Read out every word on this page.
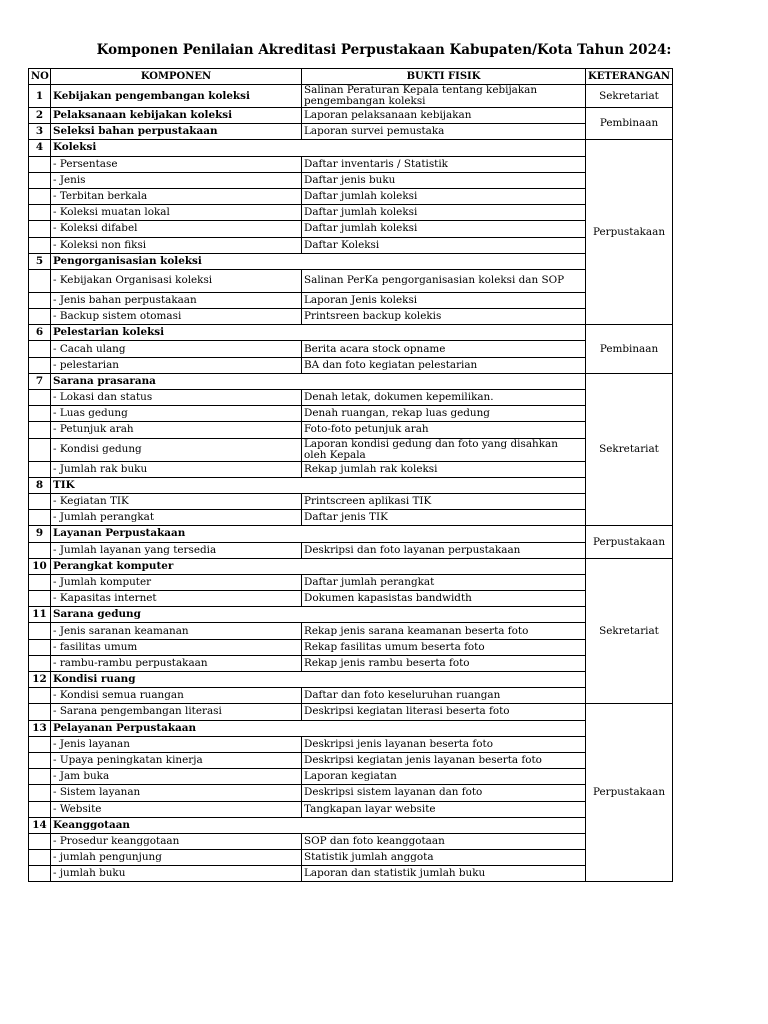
Komponen Penilaian Akreditasi Perpustakaan Kabupaten/Kota Tahun 2024:
NO	KOMPONEN	BUKTI FISIK	KETERANGAN
1	Kebijakan pengembangan koleksi	Salinan Peraturan Kepala tentang kebijakan pengembangan koleksi	Sekretariat
2	Pelaksanaan kebijakan koleksi	Laporan pelaksanaan kebijakan	Pembinaan
3	Seleksi bahan perpustakaan	Laporan survei pemustaka	
4	Koleksi		Perpustakaan
	- Persentase	Daftar inventaris / Statistik	
	- Jenis	Daftar jenis buku	
	- Terbitan berkala	Daftar jumlah koleksi	
	- Koleksi muatan lokal	Daftar jumlah koleksi	
	- Koleksi difabel	Daftar jumlah koleksi	
	- Koleksi non fiksi	Daftar Koleksi	
5	Pengorganisasian koleksi		
	- Kebijakan Organisasi koleksi	Salinan PerKa pengorganisasian koleksi dan SOP	
	- Jenis bahan perpustakaan	Laporan Jenis koleksi	
	- Backup sistem otomasi	Printsreen backup kolekis	
6	Pelestarian koleksi		Pembinaan
	- Cacah ulang	Berita acara stock opname	
	- pelestarian	BA dan foto kegiatan pelestarian	
7	Sarana prasarana		Sekretariat
	- Lokasi dan status	Denah letak, dokumen kepemilikan.	
	- Luas gedung	Denah ruangan, rekap luas gedung	
	- Petunjuk arah	Foto-foto petunjuk arah	
	- Kondisi gedung	Laporan kondisi gedung dan foto yang disahkan oleh Kepala	
	- Jumlah rak buku	Rekap jumlah rak koleksi	
8	TIK		
	- Kegiatan TIK	Printscreen aplikasi TIK	
	- Jumlah perangkat	Daftar jenis TIK	
9	Layanan Perpustakaan		Perpustakaan
	- Jumlah layanan yang tersedia	Deskripsi dan foto layanan perpustakaan	
10	Perangkat komputer		Sekretariat
	- Jumlah komputer	Daftar jumlah perangkat	
	- Kapasitas internet	Dokumen kapasistas bandwidth	
11	Sarana gedung		
	- Jenis saranan keamanan	Rekap jenis sarana keamanan beserta foto	
	- fasilitas umum	Rekap fasilitas umum beserta foto	
	- rambu-rambu perpustakaan	Rekap jenis rambu beserta foto	
12	Kondisi ruang		
	- Kondisi semua ruangan	Daftar dan foto keseluruhan ruangan	
	- Sarana pengembangan literasi	Deskripsi kegiatan literasi beserta foto	Perpustakaan
13	Pelayanan Perpustakaan		
	- Jenis layanan	Deskripsi jenis layanan beserta foto	
	- Upaya peningkatan kinerja	Deskripsi kegiatan jenis layanan beserta foto	
	- Jam buka	Laporan kegiatan	
	- Sistem layanan	Deskripsi sistem layanan dan foto	
	- Website	Tangkapan layar website	
14	Keanggotaan		
	- Prosedur keanggotaan	SOP dan foto keanggotaan	
	- jumlah pengunjung	Statistik jumlah anggota	
	- jumlah buku	Laporan dan statistik jumlah buku	
